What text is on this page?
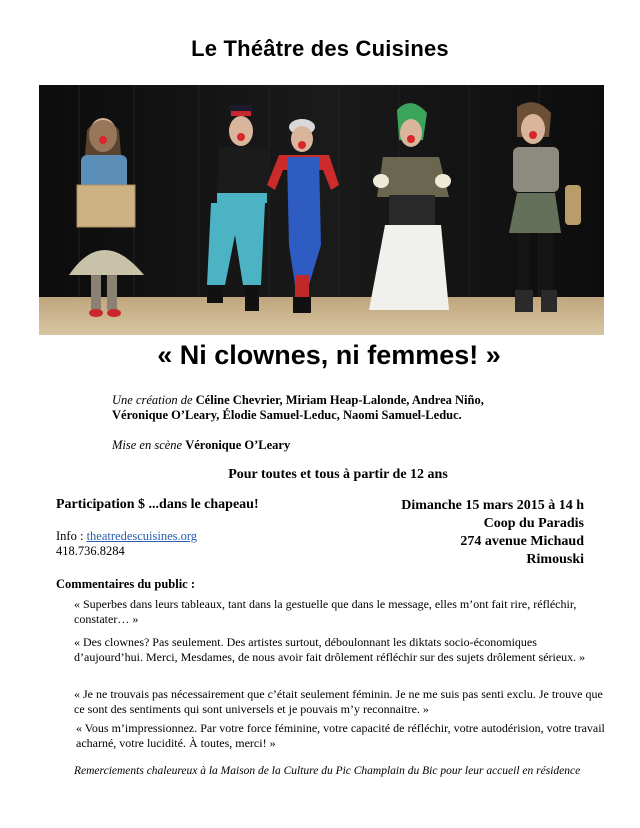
Le Théâtre des Cuisines
« Ni clownes, ni femmes! »
Une création de Céline Chevrier, Miriam Heap-Lalonde, Andrea Niño, Véronique O’Leary, Élodie Samuel-Leduc, Naomi Samuel-Leduc.
Mise en scène Véronique O’Leary
Pour toutes et tous à partir de 12 ans
Participation $ ...dans le chapeau!
Info : theatredescuisines.org
418.736.8284
Dimanche 15 mars 2015 à 14 h
Coop du Paradis
274 avenue Michaud
Rimouski
Commentaires du public :
« Superbes dans leurs tableaux, tant dans la gestuelle que dans le message, elles m’ont fait rire, réfléchir, constater… »
« Des clownes? Pas seulement. Des artistes surtout, déboulonnant les diktats socio-économiques d’aujourd’hui. Merci, Mesdames, de nous avoir fait drôlement réfléchir sur des sujets drôlement sérieux. »
« Je ne trouvais pas nécessairement que c’était seulement féminin. Je ne me suis pas senti exclu. Je trouve que ce sont des sentiments qui sont universels et je pouvais m’y reconnaitre. »
« Vous m’impressionnez. Par votre force féminine, votre capacité de réfléchir, votre autodérision, votre travail acharné, votre lucidité. À toutes, merci! »
Remerciements chaleureux à la Maison de la Culture du Pic Champlain du Bic pour leur accueil en résidence
